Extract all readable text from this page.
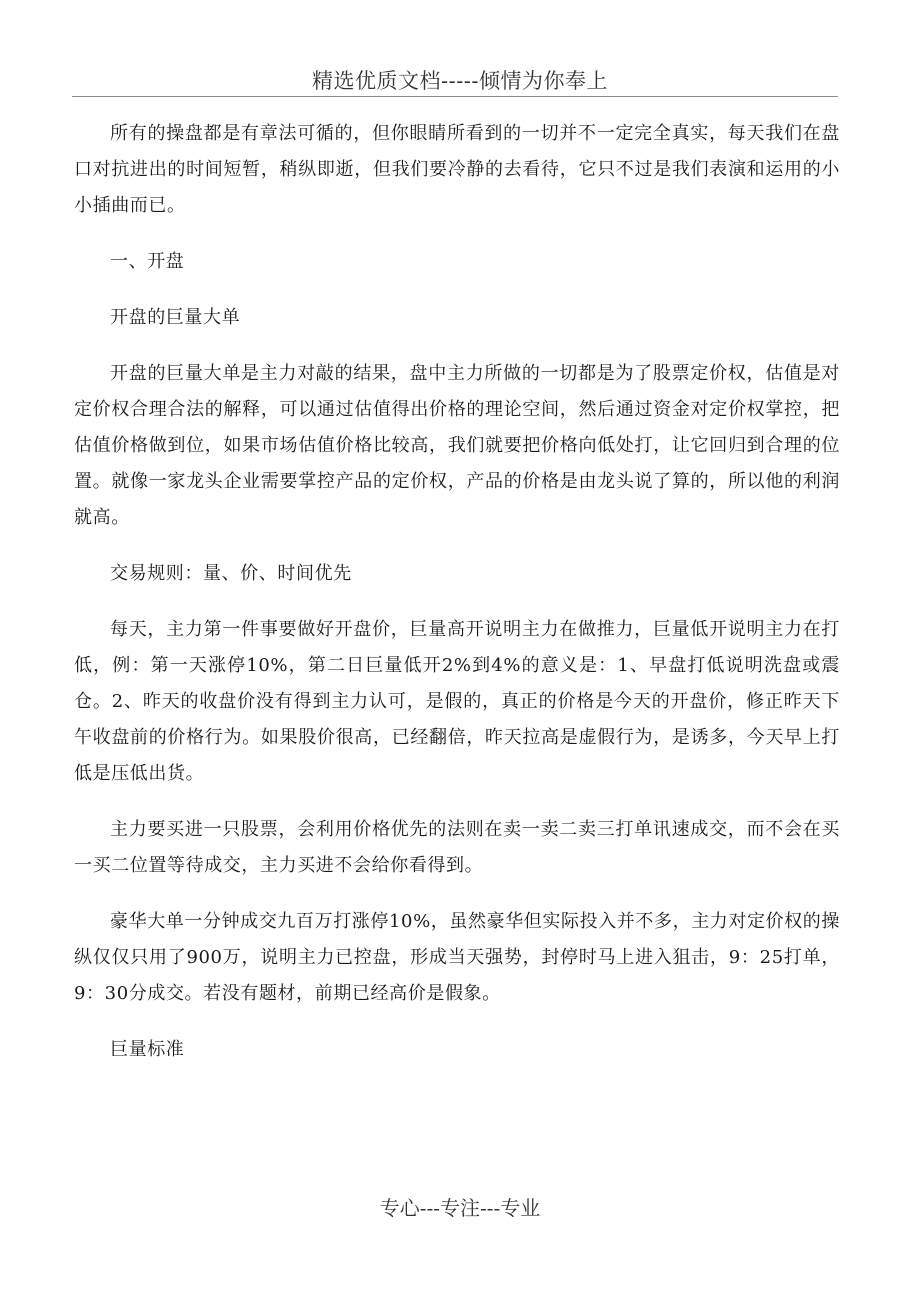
精选优质文档-----倾情为你奉上

所有的操盘都是有章法可循的，但你眼睛所看到的一切并不一定完全真实，每天我们在盘口对抗进出的时间短暂，稍纵即逝，但我们要冷静的去看待，它只不过是我们表演和运用的小小插曲而已。

一、开盘

开盘的巨量大单

开盘的巨量大单是主力对敲的结果，盘中主力所做的一切都是为了股票定价权，估值是对定价权合理合法的解释，可以通过估值得出价格的理论空间，然后通过资金对定价权掌控，把估值价格做到位，如果市场估值价格比较高，我们就要把价格向低处打，让它回归到合理的位置。就像一家龙头企业需要掌控产品的定价权，产品的价格是由龙头说了算的，所以他的利润就高。

交易规则：量、价、时间优先

每天，主力第一件事要做好开盘价，巨量高开说明主力在做推力，巨量低开说明主力在打低，例：第一天涨停10%，第二日巨量低开2%到4%的意义是：1、早盘打低说明洗盘或震仓。2、昨天的收盘价没有得到主力认可，是假的，真正的价格是今天的开盘价，修正昨天下午收盘前的价格行为。如果股价很高，已经翻倍，昨天拉高是虚假行为，是诱多，今天早上打低是压低出货。

主力要买进一只股票，会利用价格优先的法则在卖一卖二卖三打单讯速成交，而不会在买一买二位置等待成交，主力买进不会给你看得到。

豪华大单一分钟成交九百万打涨停10%，虽然豪华但实际投入并不多，主力对定价权的操纵仅仅只用了900万，说明主力已控盘，形成当天强势，封停时马上进入狙击，9：25打单，9：30分成交。若没有题材，前期已经高价是假象。

巨量标准

专心---专注---专业
